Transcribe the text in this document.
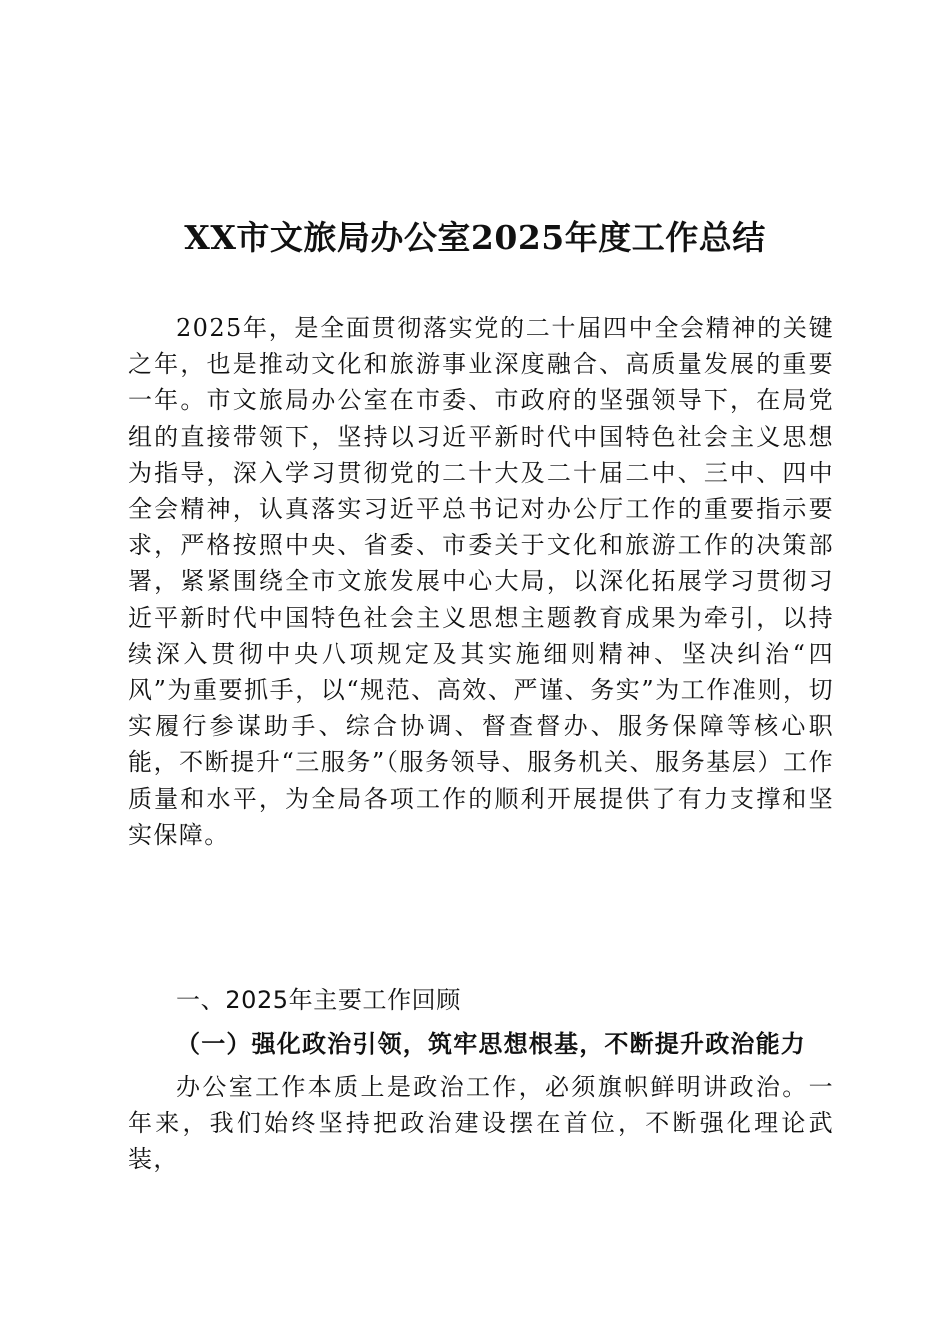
XX市文旅局办公室2025年度工作总结

2025年，是全面贯彻落实党的二十届四中全会精神的关键之年，也是推动文化和旅游事业深度融合、高质量发展的重要一年。市文旅局办公室在市委、市政府的坚强领导下，在局党组的直接带领下，坚持以习近平新时代中国特色社会主义思想为指导，深入学习贯彻党的二十大及二十届二中、三中、四中全会精神，认真落实习近平总书记对办公厅工作的重要指示要求，严格按照中央、省委、市委关于文化和旅游工作的决策部署，紧紧围绕全市文旅发展中心大局，以深化拓展学习贯彻习近平新时代中国特色社会主义思想主题教育成果为牵引，以持续深入贯彻中央八项规定及其实施细则精神、坚决纠治“四风”为重要抓手，以“规范、高效、严谨、务实”为工作准则，切实履行参谋助手、综合协调、督查督办、服务保障等核心职能，不断提升“三服务”（服务领导、服务机关、服务基层）工作质量和水平，为全局各项工作的顺利开展提供了有力支撑和坚实保障。

一、2025年主要工作回顾

（一）强化政治引领，筑牢思想根基，不断提升政治能力

办公室工作本质上是政治工作，必须旗帜鲜明讲政治。一年来，我们始终坚持把政治建设摆在首位，不断强化理论武装，
